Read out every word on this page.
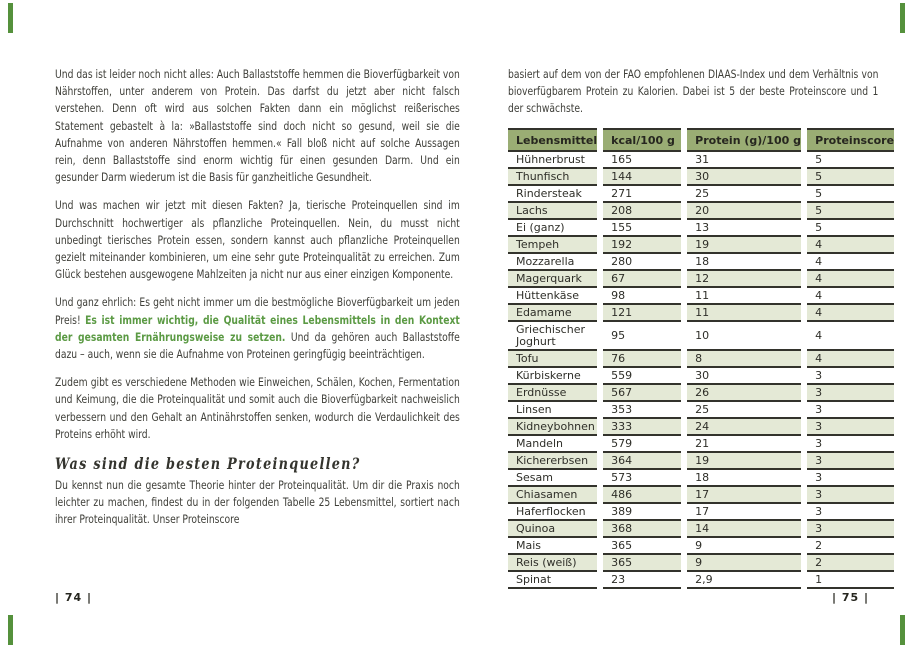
Und das ist leider noch nicht alles: Auch Ballaststoffe hemmen die Bioverfügbarkeit von Nährstoffen, unter anderem von Protein. Das darfst du jetzt aber nicht falsch verstehen. Denn oft wird aus solchen Fakten dann ein möglichst reißerisches Statement gebastelt à la: »Ballaststoffe sind doch nicht so gesund, weil sie die Aufnahme von anderen Nährstoffen hemmen.« Fall bloß nicht auf solche Aussagen rein, denn Ballaststoffe sind enorm wichtig für einen gesunden Darm. Und ein gesunder Darm wiederum ist die Basis für ganzheitliche Gesundheit.

Und was machen wir jetzt mit diesen Fakten? Ja, tierische Proteinquellen sind im Durchschnitt hochwertiger als pflanzliche Proteinquellen. Nein, du musst nicht unbedingt tierisches Protein essen, sondern kannst auch pflanzliche Proteinquellen gezielt miteinander kombinieren, um eine sehr gute Proteinqualität zu erreichen. Zum Glück bestehen ausgewogene Mahlzeiten ja nicht nur aus einer einzigen Komponente.

Und ganz ehrlich: Es geht nicht immer um die bestmögliche Bioverfügbarkeit um jeden Preis! Es ist immer wichtig, die Qualität eines Lebensmittels in den Kontext der gesamten Ernährungsweise zu setzen. Und da gehören auch Ballaststoffe dazu – auch, wenn sie die Aufnahme von Proteinen geringfügig beeinträchtigen.

Zudem gibt es verschiedene Methoden wie Einweichen, Schälen, Kochen, Fermentation und Keimung, die die Proteinqualität und somit auch die Bioverfügbarkeit nachweislich verbessern und den Gehalt an Antinährstoffen senken, wodurch die Verdaulichkeit des Proteins erhöht wird.

Was sind die besten Proteinquellen?

Du kennst nun die gesamte Theorie hinter der Proteinqualität. Um dir die Praxis noch leichter zu machen, findest du in der folgenden Tabelle 25 Lebensmittel, sortiert nach ihrer Proteinqualität. Unser Proteinscore

| 74 |

basiert auf dem von der FAO empfohlenen DIAAS-Index und dem Verhältnis von bioverfügbarem Protein zu Kalorien. Dabei ist 5 der beste Proteinscore und 1 der schwächste.

Lebensmittel	kcal/100 g	Protein (g)/100 g	Proteinscore
Hühnerbrust	165	31	5
Thunfisch	144	30	5
Rindersteak	271	25	5
Lachs	208	20	5
Ei (ganz)	155	13	5
Tempeh	192	19	4
Mozzarella	280	18	4
Magerquark	67	12	4
Hüttenkäse	98	11	4
Edamame	121	11	4
Griechischer Joghurt	95	10	4
Tofu	76	8	4
Kürbiskerne	559	30	3
Erdnüsse	567	26	3
Linsen	353	25	3
Kidneybohnen	333	24	3
Mandeln	579	21	3
Kichererbsen	364	19	3
Sesam	573	18	3
Chiasamen	486	17	3
Haferflocken	389	17	3
Quinoa	368	14	3
Mais	365	9	2
Reis (weiß)	365	9	2
Spinat	23	2,9	1
| 75 |
